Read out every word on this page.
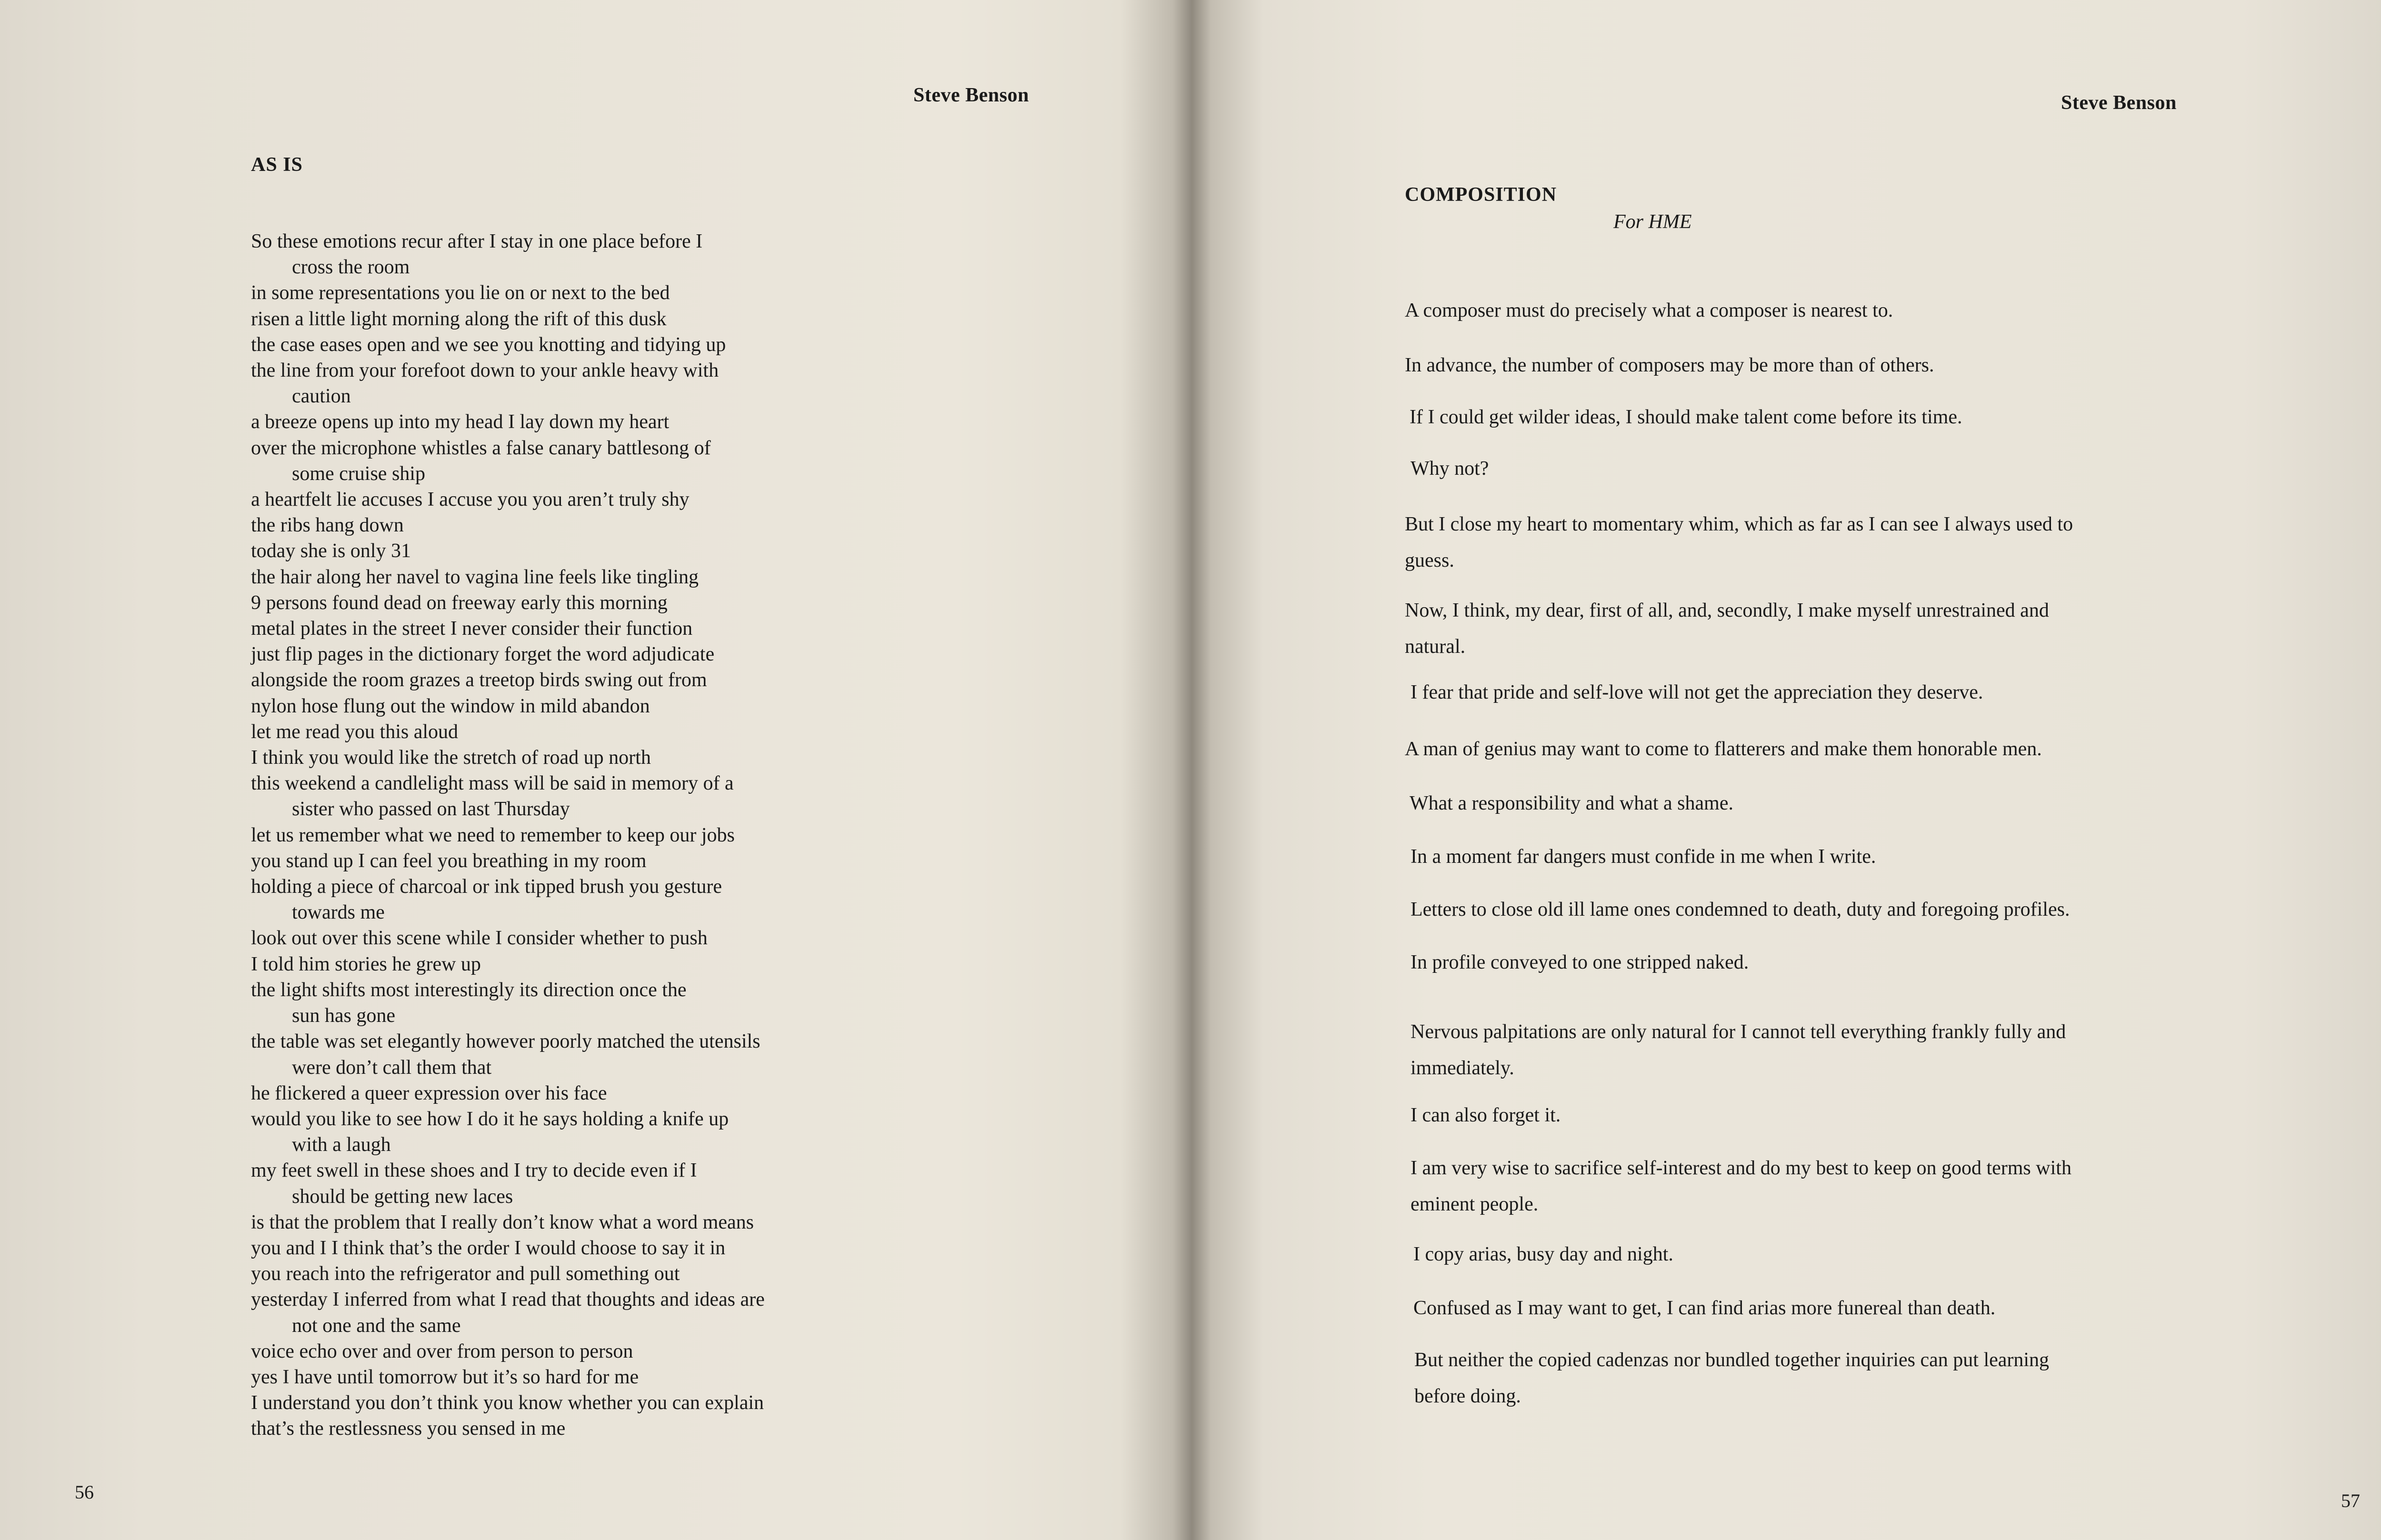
Steve Benson
AS IS
So these emotions recur after I stay in one place before I
cross the room
in some representations you lie on or next to the bed
risen a little light morning along the rift of this dusk
the case eases open and we see you knotting and tidying up
the line from your forefoot down to your ankle heavy with
caution
a breeze opens up into my head I lay down my heart
over the microphone whistles a false canary battlesong of
some cruise ship
a heartfelt lie accuses I accuse you you aren’t truly shy
the ribs hang down
today she is only 31
the hair along her navel to vagina line feels like tingling
9 persons found dead on freeway early this morning
metal plates in the street I never consider their function
just flip pages in the dictionary forget the word adjudicate
alongside the room grazes a treetop birds swing out from
nylon hose flung out the window in mild abandon
let me read you this aloud
I think you would like the stretch of road up north
this weekend a candlelight mass will be said in memory of a
sister who passed on last Thursday
let us remember what we need to remember to keep our jobs
you stand up I can feel you breathing in my room
holding a piece of charcoal or ink tipped brush you gesture
towards me
look out over this scene while I consider whether to push
I told him stories he grew up
the light shifts most interestingly its direction once the
sun has gone
the table was set elegantly however poorly matched the utensils
were don’t call them that
he flickered a queer expression over his face
would you like to see how I do it he says holding a knife up
with a laugh
my feet swell in these shoes and I try to decide even if I
should be getting new laces
is that the problem that I really don’t know what a word means
you and I I think that’s the order I would choose to say it in
you reach into the refrigerator and pull something out
yesterday I inferred from what I read that thoughts and ideas are
not one and the same
voice echo over and over from person to person
yes I have until tomorrow but it’s so hard for me
I understand you don’t think you know whether you can explain
that’s the restlessness you sensed in me
56
Steve Benson
COMPOSITION
For HME
57
A composer must do precisely what a composer is nearest to.
In advance, the number of composers may be more than of others.
If I could get wilder ideas, I should make talent come before its time.
Why not?
But I close my heart to momentary whim, which as far as I can see I always used to
guess.
Now, I think, my dear, first of all, and, secondly, I make myself unrestrained and
natural.
I fear that pride and self-love will not get the appreciation they deserve.
A man of genius may want to come to flatterers and make them honorable men.
What a responsibility and what a shame.
In a moment far dangers must confide in me when I write.
Letters to close old ill lame ones condemned to death, duty and foregoing profiles.
In profile conveyed to one stripped naked.
Nervous palpitations are only natural for I cannot tell everything frankly fully and
immediately.
I can also forget it.
I am very wise to sacrifice self-interest and do my best to keep on good terms with
eminent people.
I copy arias, busy day and night.
Confused as I may want to get, I can find arias more funereal than death.
But neither the copied cadenzas nor bundled together inquiries can put learning
before doing.
